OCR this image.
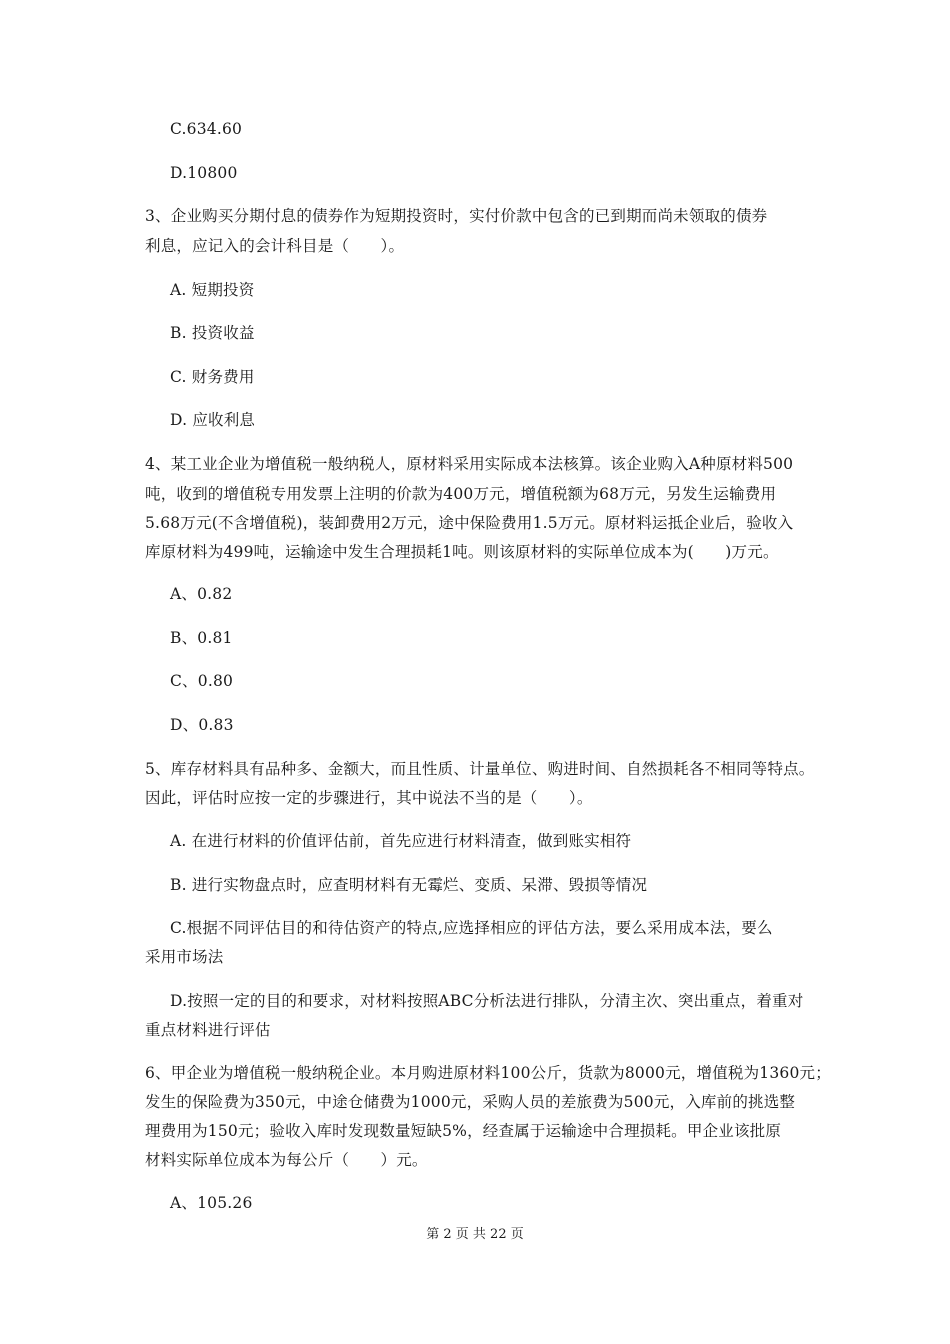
C.634.60
D.10800
3、企业购买分期付息的债券作为短期投资时，实付价款中包含的已到期而尚未领取的债券
利息，应记入的会计科目是（　　）。
A. 短期投资
B. 投资收益
C. 财务费用
D. 应收利息
4、某工业企业为增值税一般纳税人，原材料采用实际成本法核算。该企业购入A种原材料500
吨，收到的增值税专用发票上注明的价款为400万元，增值税额为68万元，另发生运输费用
5.68万元(不含增值税)，装卸费用2万元，途中保险费用1.5万元。原材料运抵企业后，验收入
库原材料为499吨，运输途中发生合理损耗1吨。则该原材料的实际单位成本为(　　)万元。
A、0.82
B、0.81
C、0.80
D、0.83
5、库存材料具有品种多、金额大，而且性质、计量单位、购进时间、自然损耗各不相同等特点。
因此，评估时应按一定的步骤进行，其中说法不当的是（　　）。
A. 在进行材料的价值评估前，首先应进行材料清查，做到账实相符
B. 进行实物盘点时，应查明材料有无霉烂、变质、呆滞、毁损等情况
C.根据不同评估目的和待估资产的特点,应选择相应的评估方法，要么采用成本法，要么
采用市场法
D.按照一定的目的和要求，对材料按照ABC分析法进行排队，分清主次、突出重点，着重对
重点材料进行评估
6、甲企业为增值税一般纳税企业。本月购进原材料100公斤，货款为8000元，增值税为1360元；
发生的保险费为350元，中途仓储费为1000元，采购人员的差旅费为500元，入库前的挑选整
理费用为150元；验收入库时发现数量短缺5%，经查属于运输途中合理损耗。甲企业该批原
材料实际单位成本为每公斤（　　）元。
A、105.26
第 2 页 共 22 页
